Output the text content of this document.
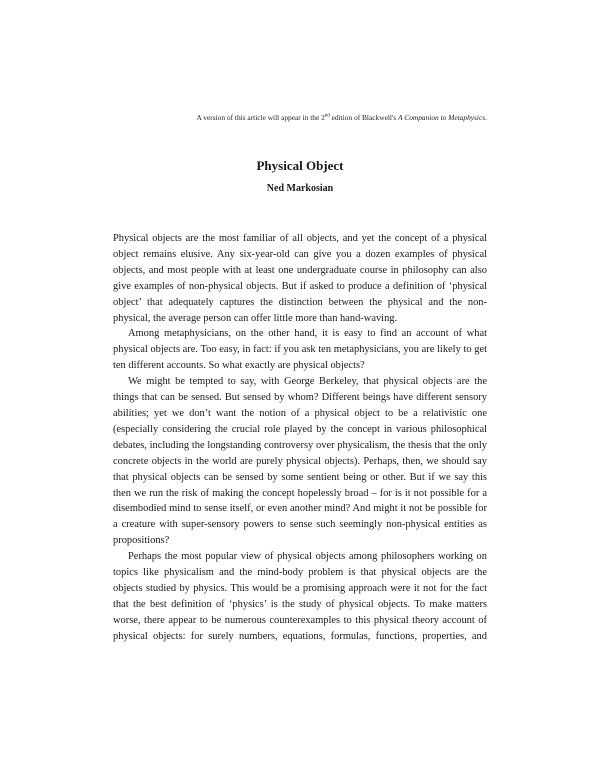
A version of this article will appear in the 2nd edition of Blackwell's A Companion to Metaphysics.
Physical Object
Ned Markosian

Physical objects are the most familiar of all objects, and yet the concept of a physical object remains elusive. Any six-year-old can give you a dozen examples of physical objects, and most people with at least one undergraduate course in philosophy can also give examples of non-physical objects. But if asked to produce a definition of ‘physical object’ that adequately captures the distinction between the physical and the non-physical, the average person can offer little more than hand-waving.

Among metaphysicians, on the other hand, it is easy to find an account of what physical objects are. Too easy, in fact: if you ask ten metaphysicians, you are likely to get ten different accounts. So what exactly are physical objects?

We might be tempted to say, with George Berkeley, that physical objects are the things that can be sensed. But sensed by whom? Different beings have different sensory abilities; yet we don’t want the notion of a physical object to be a relativistic one (especially considering the crucial role played by the concept in various philosophical debates, including the longstanding controversy over physicalism, the thesis that the only concrete objects in the world are purely physical objects). Perhaps, then, we should say that physical objects can be sensed by some sentient being or other. But if we say this then we run the risk of making the concept hopelessly broad – for is it not possible for a disembodied mind to sense itself, or even another mind? And might it not be possible for a creature with super-sensory powers to sense such seemingly non-physical entities as propositions?

Perhaps the most popular view of physical objects among philosophers working on topics like physicalism and the mind-body problem is that physical objects are the objects studied by physics. This would be a promising approach were it not for the fact that the best definition of ‘physics’ is the study of physical objects. To make matters worse, there appear to be numerous counterexamples to this physical theory account of physical objects: for surely numbers, equations, formulas, functions, properties, and
